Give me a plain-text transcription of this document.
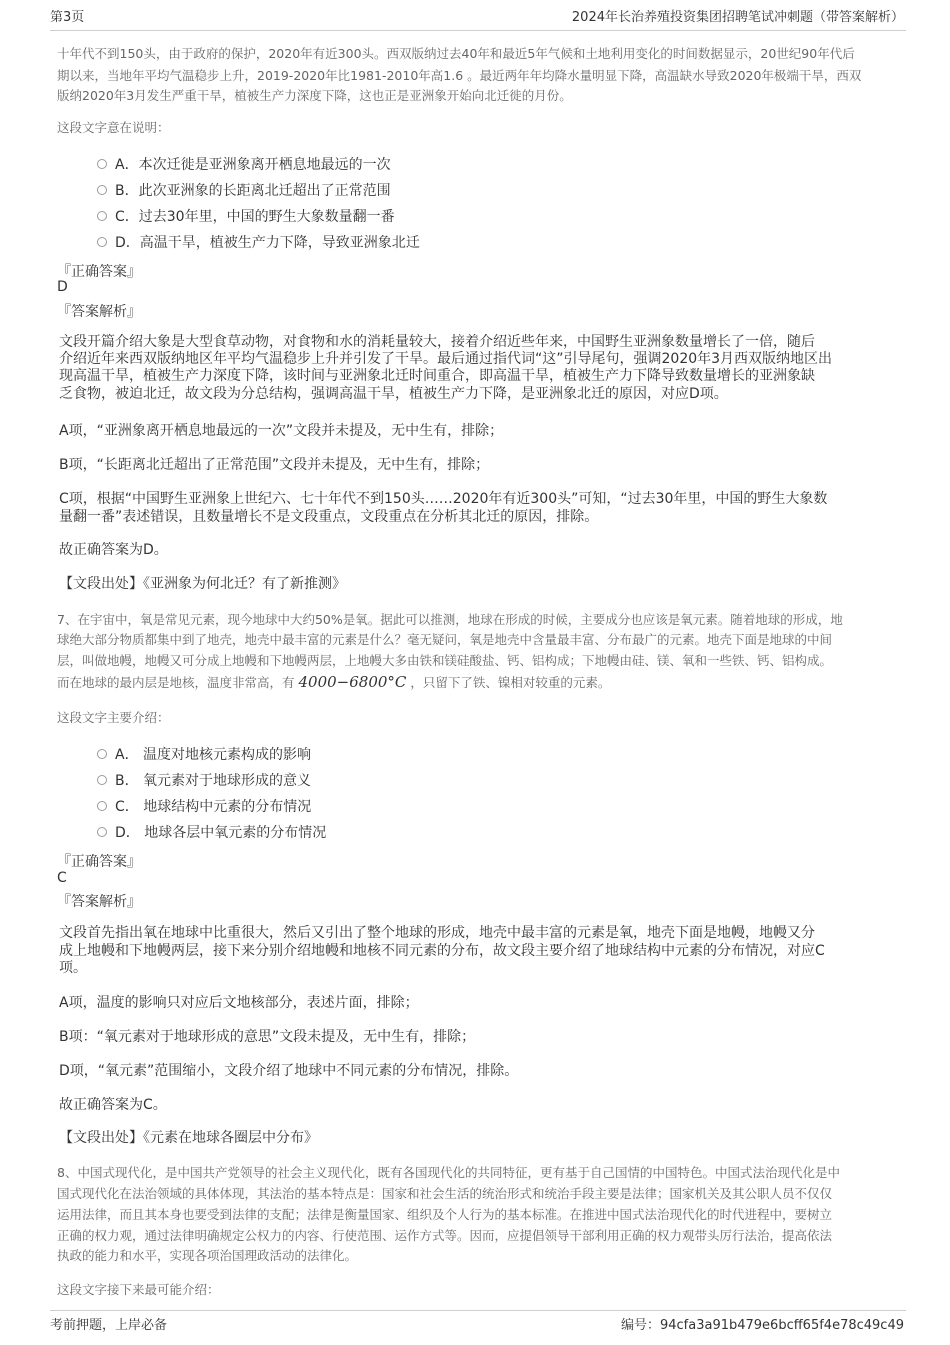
第3页	2024年长治养殖投资集团招聘笔试冲刺题（带答案解析）
十年代不到150头，由于政府的保护，2020年有近300头。西双版纳过去40年和最近5年气候和土地利用变化的时间数据显示，20世纪90年代后
期以来，当地年平均气温稳步上升，2019-2020年比1981-2010年高1.6 。最近两年年均降水量明显下降，高温缺水导致2020年极端干旱，西双
版纳2020年3月发生严重干旱，植被生产力深度下降，这也正是亚洲象开始向北迁徙的月份。
这段文字意在说明：
A．本次迁徙是亚洲象离开栖息地最远的一次
B．此次亚洲象的长距离北迁超出了正常范围
C．过去30年里，中国的野生大象数量翻一番
D．高温干旱，植被生产力下降，导致亚洲象北迁
『正确答案』
D
『答案解析』
文段开篇介绍大象是大型食草动物，对食物和水的消耗量较大，接着介绍近些年来，中国野生亚洲象数量增长了一倍，随后
介绍近年来西双版纳地区年平均气温稳步上升并引发了干旱。最后通过指代词“这”引导尾句，强调2020年3月西双版纳地区出
现高温干旱，植被生产力深度下降，该时间与亚洲象北迁时间重合，即高温干旱，植被生产力下降导致数量增长的亚洲象缺
乏食物，被迫北迁，故文段为分总结构，强调高温干旱，植被生产力下降，是亚洲象北迁的原因，对应D项。
A项，“亚洲象离开栖息地最远的一次”文段并未提及，无中生有，排除；
B项，“长距离北迁超出了正常范围”文段并未提及，无中生有，排除；
C项，根据“中国野生亚洲象上世纪六、七十年代不到150头……2020年有近300头”可知，“过去30年里，中国的野生大象数
量翻一番”表述错误，且数量增长不是文段重点，文段重点在分析其北迁的原因，排除。
故正确答案为D。
【文段出处】《亚洲象为何北迁？有了新推测》
7、在宇宙中，氧是常见元素，现今地球中大约50%是氧。据此可以推测，地球在形成的时候，主要成分也应该是氧元素。随着地球的形成，地
球绝大部分物质都集中到了地壳，地壳中最丰富的元素是什么？毫无疑问，氧是地壳中含量最丰富、分布最广的元素。地壳下面是地球的中间
层，叫做地幔，地幔又可分成上地幔和下地幔两层，上地幔大多由铁和镁硅酸盐、钙、铝构成；下地幔由硅、镁、氧和一些铁、钙、铝构成。
而在地球的最内层是地核，温度非常高，有 4000−6800°C ，只留下了铁、镍相对较重的元素。
这段文字主要介绍：
A． 温度对地核元素构成的影响
B． 氧元素对于地球形成的意义
C． 地球结构中元素的分布情况
D． 地球各层中氧元素的分布情况
『正确答案』
C
『答案解析』
文段首先指出氧在地球中比重很大，然后又引出了整个地球的形成，地壳中最丰富的元素是氧，地壳下面是地幔，地幔又分
成上地幔和下地幔两层，接下来分别介绍地幔和地核不同元素的分布，故文段主要介绍了地球结构中元素的分布情况，对应C
项。
A项，温度的影响只对应后文地核部分，表述片面，排除；
B项：“氧元素对于地球形成的意思”文段未提及，无中生有，排除；
D项，“氧元素”范围缩小，文段介绍了地球中不同元素的分布情况，排除。
故正确答案为C。
【文段出处】《元素在地球各圈层中分布》
8、中国式现代化，是中国共产党领导的社会主义现代化，既有各国现代化的共同特征，更有基于自己国情的中国特色。中国式法治现代化是中
国式现代化在法治领域的具体体现，其法治的基本特点是：国家和社会生活的统治形式和统治手段主要是法律；国家机关及其公职人员不仅仅
运用法律，而且其本身也要受到法律的支配；法律是衡量国家、组织及个人行为的基本标准。在推进中国式法治现代化的时代进程中，要树立
正确的权力观，通过法律明确规定公权力的内容、行使范围、运作方式等。因而，应提倡领导干部利用正确的权力观带头厉行法治，提高依法
执政的能力和水平，实现各项治国理政活动的法律化。
这段文字接下来最可能介绍：
考前押题，上岸必备	编号：94cfa3a91b479e6bcff65f4e78c49c49
